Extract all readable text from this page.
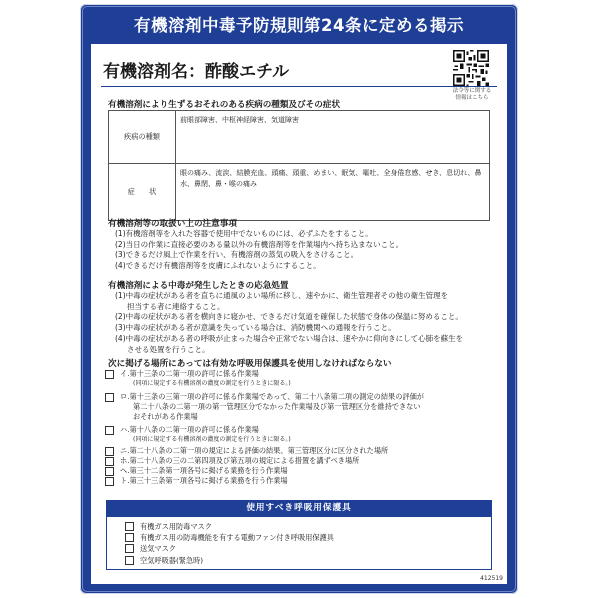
有機溶剤中毒予防規則第24条に定める掲示
有機溶剤名：酢酸エチル
法令等に関する
情報はこちら
有機溶剤により生ずるおそれのある疾病の種類及びその症状
疾病の種類	前眼部障害、中枢神経障害、気道障害
症　　状	眼の痛み、流涙、結膜充血、頭痛、頭重、めまい、眠気、嘔吐、全身倦怠感、せき、息切れ、鼻水、鼻閉、鼻・喉の痛み
有機溶剤等の取扱い上の注意事項
(1)有機溶剤等を入れた容器で使用中でないものには、必ずふたをすること。
(2)当日の作業に直接必要のある量以外の有機溶剤等を作業場内へ持ち込まないこと。
(3)できるだけ風上で作業を行い、有機溶剤の蒸気の吸入をさけること。
(4)できるだけ有機溶剤等を皮膚にふれないようにすること。
有機溶剤による中毒が発生したときの応急処置
(1)中毒の症状がある者を直ちに通風のよい場所に移し、速やかに、衛生管理者その他の衛生管理を
担当する者に連絡すること。
(2)中毒の症状がある者を横向きに寝かせ、できるだけ気道を確保した状態で身体の保温に努めること。
(3)中毒の症状がある者が意識を失っている場合は、消防機関への通報を行うこと。
(4)中毒の症状がある者の呼吸が止まった場合や正常でない場合は、速やかに仰向きにして心肺を蘇生を
させる処置を行うこと。
次に掲げる場所にあっては有効な呼吸用保護具を使用しなければならない
イ.第十三条の二第一項の許可に係る作業場
(同項に規定する有機溶剤の濃度の測定を行うときに限る。)
ロ.第十三条の三第一項の許可に係る作業場であって、第二十八条第二項の測定の結果の評価が
第二十八条の二第一項の第一管理区分でなかった作業場及び第一管理区分を維持できない
おそれがある作業場
ハ.第十八条の二第一項の許可に係る作業場
(同項に規定する有機溶剤の濃度の測定を行うときに限る。)
ニ.第二十八条の二第一項の規定による評価の結果、第三管理区分に区分された場所
ホ.第二十八条の三の二第四項及び第五項の規定による措置を講ずべき場所
へ.第三十二条第一項各号に掲げる業務を行う作業場
ト.第三十三条第一項各号に掲げる業務を行う作業場
使用すべき呼吸用保護具
有機ガス用防毒マスク
有機ガス用の防毒機能を有する電動ファン付き呼吸用保護具
送気マスク
空気呼吸器(緊急時)
412519
